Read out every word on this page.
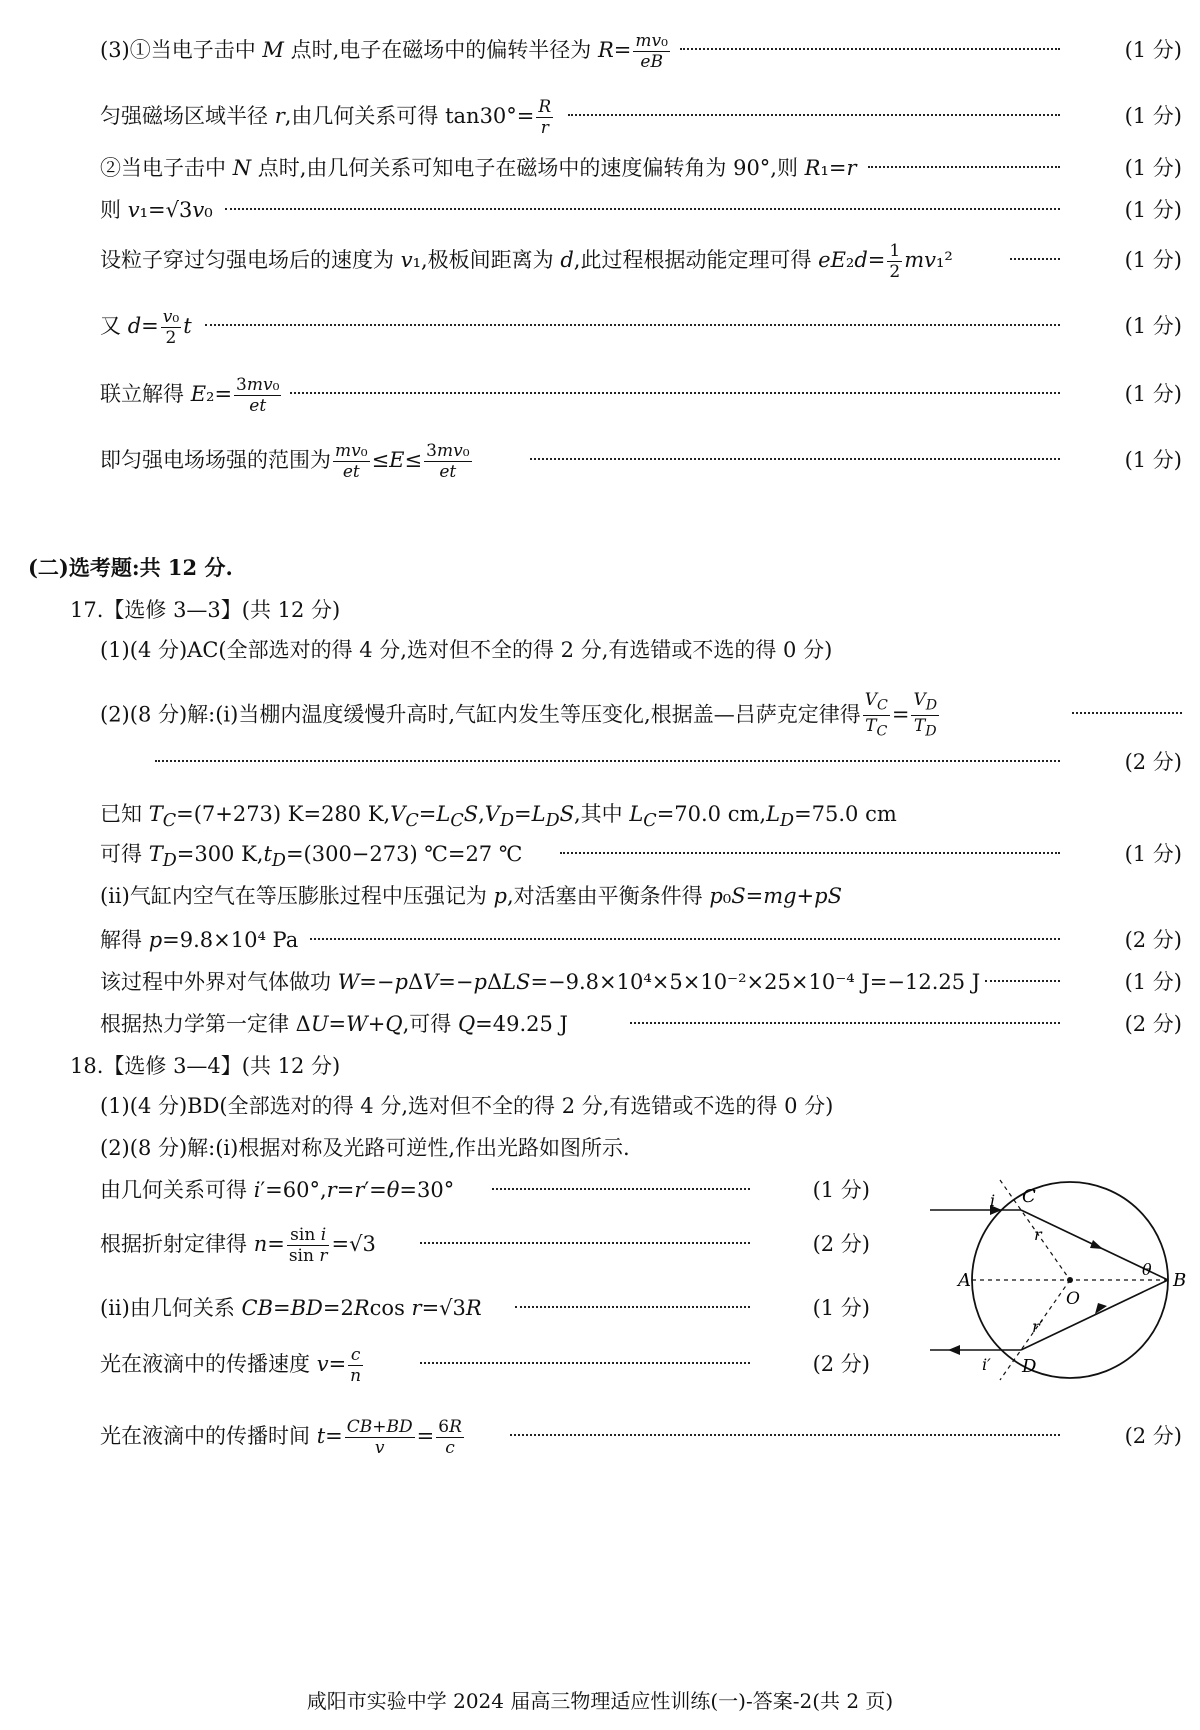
(3)①当电子击中 M 点时,电子在磁场中的偏转半径为 $R= \frac{\text{mv₀}}{eB}$	(1 分)
匀强磁场区域半径 r,由几何关系可得 $\tan 30^\circ= \frac{R}{r}$	(1 分)
②当电子击中 N 点时,由几何关系可知电子在磁场中的速度偏转角为 90°,则 R₁=r	(1 分)
则 v₁=√3v₀	(1 分)
设粒子穿过匀强电场后的速度为 v₁,极板间距离为 d,此过程根据动能定理可得 $eE_2d= \frac{1}{2} mv_1^2$	(1 分)
又 $d= \frac{\text{v₀}}{2}$ t	(1 分)
联立解得 $E_2= \frac{\text{3mv₀}}{et}$	(1 分)
即匀强电场场强的范围为 $\frac{\text{mv₀}}{et} \le E\le \frac{\text{3mv₀}}{et}$	(1 分)
(二)选考题:共 12 分.
17.【选修 3—3】(共 12 分)
(1)(4 分)AC(全部选对的得 4 分,选对但不全的得 2 分,有选错或不选的得 0 分)
(2)(8 分)解:(i)当棚内温度缓慢升高时,气缸内发生等压变化,根据盖—吕萨克定律得 $\frac{V_C}{T_C} = \frac{V_D}{T_D}$
(2 分)
已知 $T_C=(7+273)$ K=280 $K,V_C=L_CS,V_D=L_DS$,其中 $L_C=70.0$ $cm,L_D=75.0$ cm
可得 $T_D=300$ $K,t_D=(300-273)$ ℃=27 ℃	(1 分)
(ii)气缸内空气在等压膨胀过程中压强记为 p,对活塞由平衡条件得 p₀S=mg+pS
解得 p=9.8×10⁴ Pa	(2 分)
该过程中外界对气体做功 W=−pΔV=−pΔLS=−9.8×10⁴×5×10⁻²×25×10⁻⁴ J=−12.25 J	(1 分)
根据热力学第一定律 ΔU=W+Q,可得 Q=49.25 J	(2 分)
18.【选修 3—4】(共 12 分)
(1)(4 分)BD(全部选对的得 4 分,选对但不全的得 2 分,有选错或不选的得 0 分)
(2)(8 分)解:(i)根据对称及光路可逆性,作出光路如图所示.
由几何关系可得 i′=60°,r=r′=θ=30°	(1 分)
根据折射定律得 $n= \frac{\text{sin i}}{\text{sin r}} =√3$	(2 分)
(ii)由几何关系 CB=BD=2Rcos r=√3R	(1 分)
光在液滴中的传播速度 $v= \frac{c}{n}$	(2 分)
光在液滴中的传播时间 $t= \frac{CB+BD}{v} = \frac{6R}{c}$	(2 分)
A	B
C
D
O
i
r
r′
θ
i′
咸阳市实验中学 2024 届高三物理适应性训练(一)-答案-2(共 2 页)
